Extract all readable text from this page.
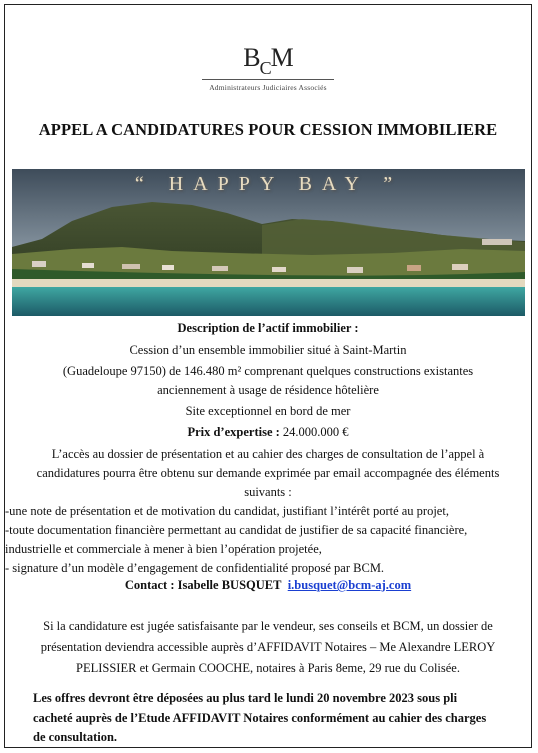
$B_CM$
Administrateurs Judiciaires Associés
APPEL A CANDIDATURES POUR CESSION IMMOBILIERE
“ HAPPY BAY ”
Description de l’actif immobilier :
Cession d’un ensemble immobilier situé à Saint-Martin
(Guadeloupe 97150) de 146.480 m² comprenant quelques constructions existantes
anciennement à usage de résidence hôtelière
Site exceptionnel en bord de mer
Prix d’expertise : 24.000.000 €
L’accès au dossier de présentation et au cahier des charges de consultation de l’appel à
candidatures pourra être obtenu sur demande exprimée par email accompagnée des éléments
suivants :
-une note de présentation et de motivation du candidat, justifiant l’intérêt porté au projet,
-toute documentation financière permettant au candidat de justifier de sa capacité financière,
industrielle et commerciale à mener à bien l’opération projetée,
- signature d’un modèle d’engagement de confidentialité proposé par BCM.
Contact : Isabelle BUSQUET i.busquet@bcm-aj.com
Si la candidature est jugée satisfaisante par le vendeur, ses conseils et BCM, un dossier de
présentation deviendra accessible auprès d’AFFIDAVIT Notaires – Me Alexandre LEROY
PELISSIER et Germain COOCHE, notaires à Paris 8eme, 29 rue du Colisée.
Les offres devront être déposées au plus tard le lundi 20 novembre 2023 sous pli
cacheté auprès de l’Etude AFFIDAVIT Notaires conformément au cahier des charges
de consultation.
